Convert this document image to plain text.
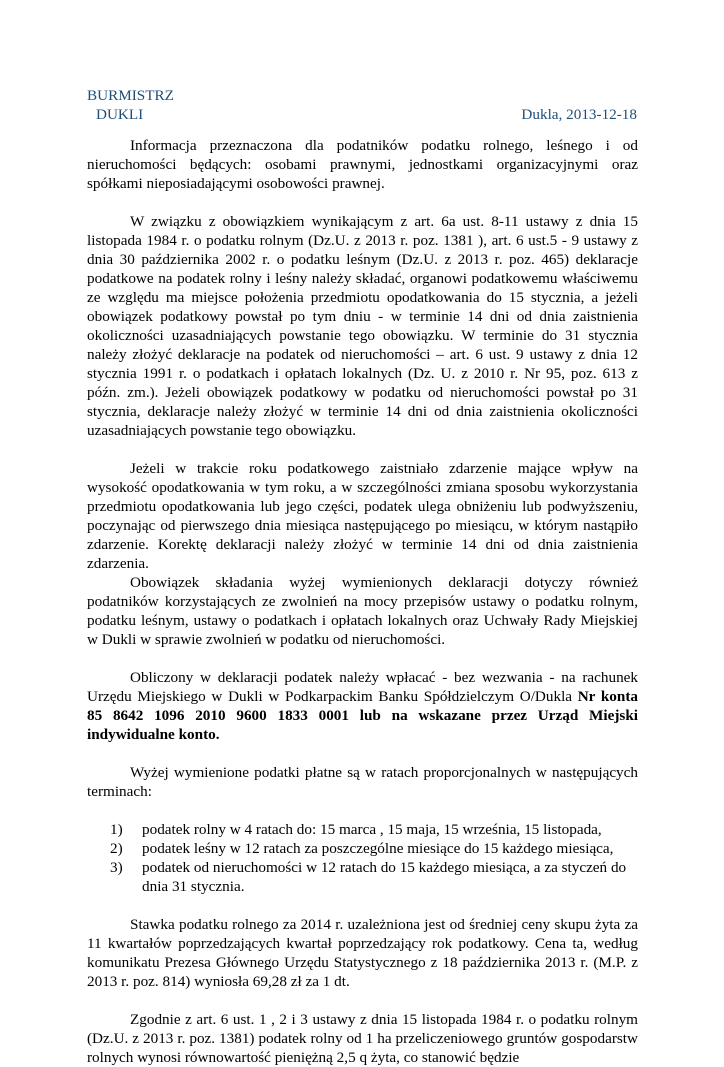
BURMISTRZ
DUKLI	Dukla, 2013-12-18

Informacja przeznaczona dla podatników podatku rolnego, leśnego i od nieruchomości będących: osobami prawnymi, jednostkami organizacyjnymi oraz spółkami nieposiadającymi osobowości prawnej.

W związku z obowiązkiem wynikającym z art. 6a ust. 8-11 ustawy z dnia 15 listopada 1984 r. o podatku rolnym (Dz.U. z 2013 r. poz. 1381 ), art. 6 ust.5 - 9 ustawy z dnia 30 października 2002 r. o podatku leśnym (Dz.U. z 2013 r. poz. 465) deklaracje podatkowe na podatek rolny i leśny należy składać, organowi podatkowemu właściwemu ze względu ma miejsce położenia przedmiotu opodatkowania do 15 stycznia, a jeżeli obowiązek podatkowy powstał po tym dniu - w terminie 14 dni od dnia zaistnienia okoliczności uzasadniających powstanie tego obowiązku. W terminie do 31 stycznia należy złożyć deklaracje na podatek od nieruchomości – art. 6 ust. 9 ustawy z dnia 12 stycznia 1991 r. o podatkach i opłatach lokalnych (Dz. U. z 2010 r. Nr 95, poz. 613 z późn. zm.). Jeżeli obowiązek podatkowy w podatku od nieruchomości powstał po 31 stycznia, deklaracje należy złożyć w terminie 14 dni od dnia zaistnienia okoliczności uzasadniających powstanie tego obowiązku.

Jeżeli w trakcie roku podatkowego zaistniało zdarzenie mające wpływ na wysokość opodatkowania w tym roku, a w szczególności zmiana sposobu wykorzystania przedmiotu opodatkowania lub jego części, podatek ulega obniżeniu lub podwyższeniu, poczynając od pierwszego dnia miesiąca następującego po miesiącu, w którym nastąpiło zdarzenie. Korektę deklaracji należy złożyć w terminie 14 dni od dnia zaistnienia zdarzenia.

Obowiązek składania wyżej wymienionych deklaracji dotyczy również podatników korzystających ze zwolnień na mocy przepisów ustawy o podatku rolnym, podatku leśnym, ustawy o podatkach i opłatach lokalnych oraz Uchwały Rady Miejskiej w Dukli w sprawie zwolnień w podatku od nieruchomości.

Obliczony w deklaracji podatek należy wpłacać - bez wezwania - na rachunek Urzędu Miejskiego w Dukli w Podkarpackim Banku Spółdzielczym O/Dukla Nr konta 85 8642 1096 2010 9600 1833 0001 lub na wskazane przez Urząd Miejski indywidualne konto.

Wyżej wymienione podatki płatne są w ratach proporcjonalnych w następujących terminach:

1) podatek rolny w 4 ratach do: 15 marca , 15 maja, 15 września, 15 listopada,
2) podatek leśny w 12 ratach za poszczególne miesiące do 15 każdego miesiąca,
3) podatek od nieruchomości w 12 ratach do 15 każdego miesiąca, a za styczeń do dnia 31 stycznia.

Stawka podatku rolnego za 2014 r. uzależniona jest od średniej ceny skupu żyta za 11 kwartałów poprzedzających kwartał poprzedzający rok podatkowy. Cena ta, według komunikatu Prezesa Głównego Urzędu Statystycznego z 18 października 2013 r. (M.P. z 2013 r. poz. 814) wyniosła 69,28 zł za 1 dt.

Zgodnie z art. 6 ust. 1 , 2 i 3 ustawy z dnia 15 listopada 1984 r. o podatku rolnym (Dz.U. z 2013 r. poz. 1381) podatek rolny od 1 ha przeliczeniowego gruntów gospodarstw rolnych wynosi równowartość pieniężną 2,5 q żyta, co stanowić będzie
